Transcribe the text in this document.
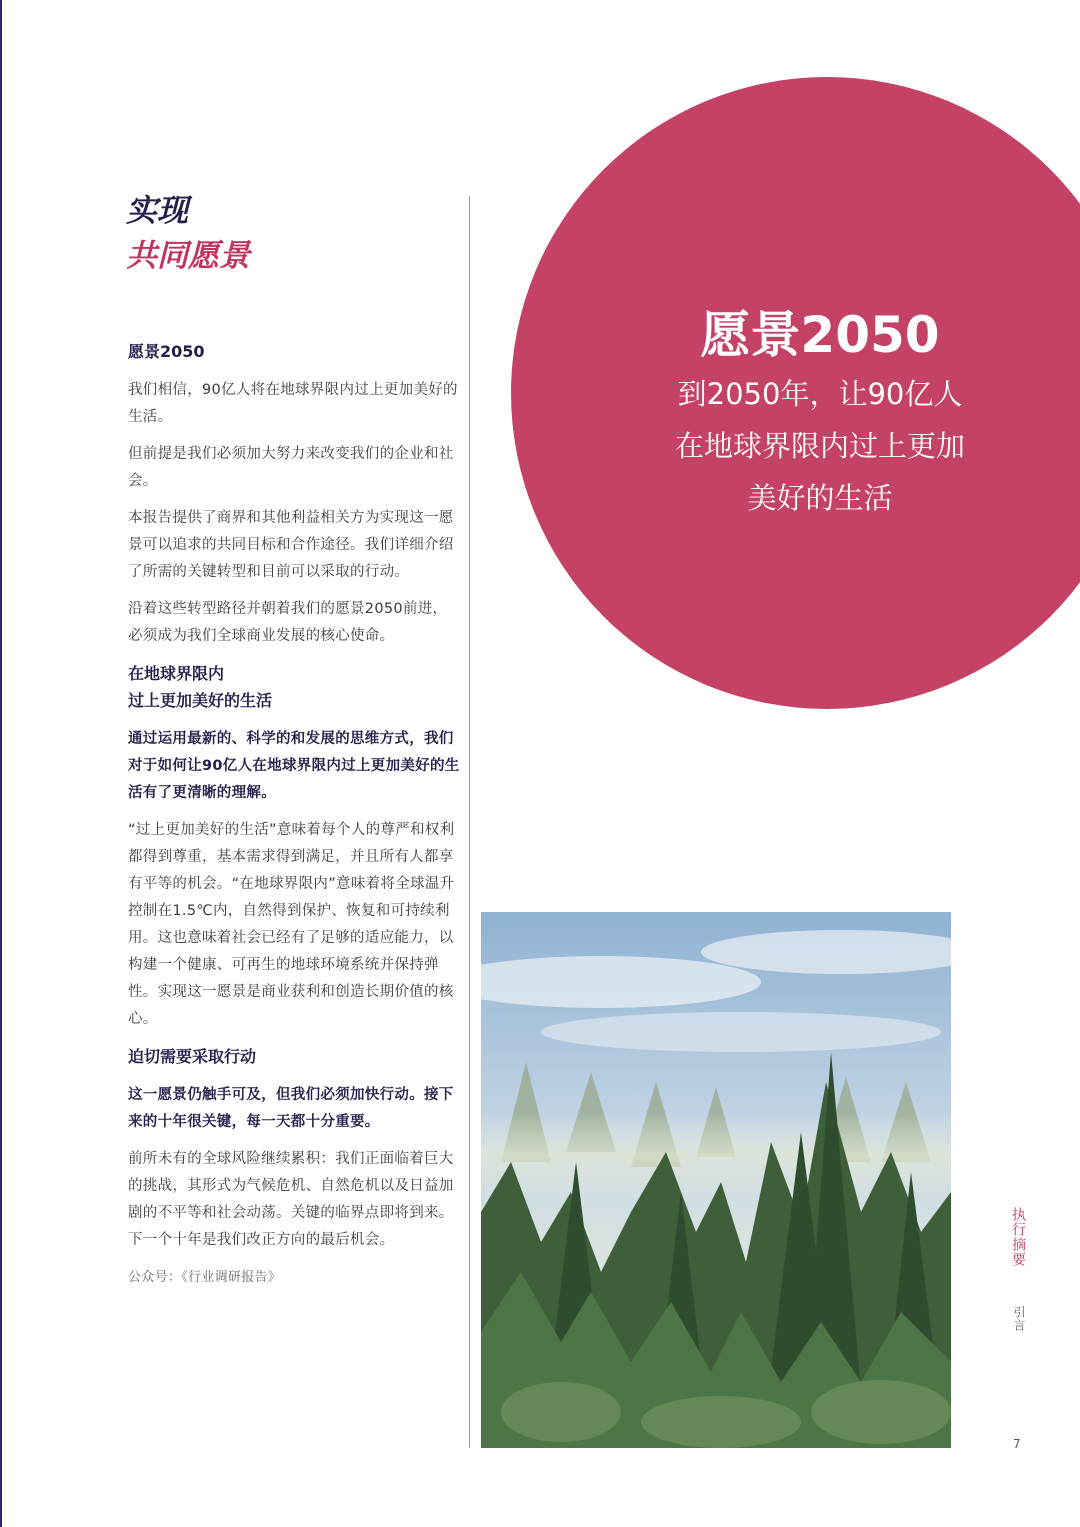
实现
共同愿景
愿景2050

我们相信，90亿人将在地球界限内过上更加美好的生活。

但前提是我们必须加大努力来改变我们的企业和社会。

本报告提供了商界和其他利益相关方为实现这一愿景可以追求的共同目标和合作途径。我们详细介绍了所需的关键转型和目前可以采取的行动。

沿着这些转型路径并朝着我们的愿景2050前进，必须成为我们全球商业发展的核心使命。

在地球界限内
过上更加美好的生活

通过运用最新的、科学的和发展的思维方式，我们对于如何让90亿人在地球界限内过上更加美好的生活有了更清晰的理解。

“过上更加美好的生活”意味着每个人的尊严和权利都得到尊重，基本需求得到满足，并且所有人都享有平等的机会。“在地球界限内”意味着将全球温升控制在1.5℃内，自然得到保护、恢复和可持续利用。这也意味着社会已经有了足够的适应能力，以构建一个健康、可再生的地球环境系统并保持弹性。实现这一愿景是商业获利和创造长期价值的核心。

迫切需要采取行动

这一愿景仍触手可及，但我们必须加快行动。接下来的十年很关键，每一天都十分重要。

前所未有的全球风险继续累积：我们正面临着巨大的挑战，其形式为气候危机、自然危机以及日益加剧的不平等和社会动荡。关键的临界点即将到来。下一个十年是我们改正方向的最后机会。

公众号：《行业调研报告》

愿景2050

到2050年，让90亿人

在地球界限内过上更加

美好的生活

执行摘要
引言
7
